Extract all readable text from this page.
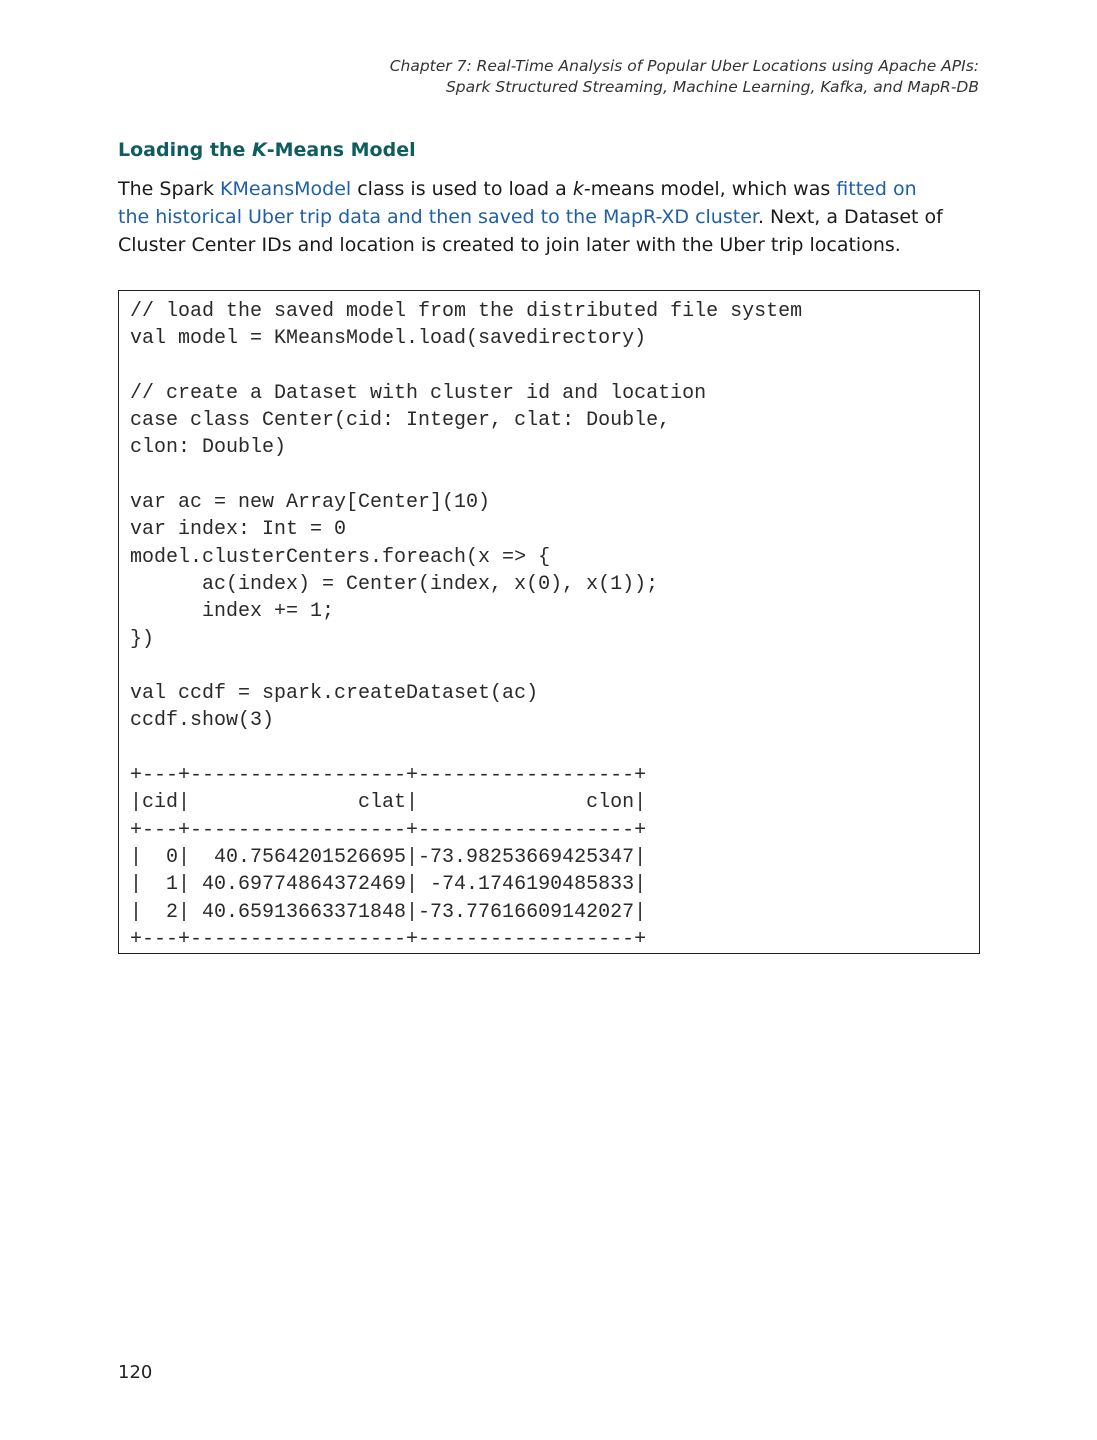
Chapter 7: Real-Time Analysis of Popular Uber Locations using Apache APIs:
Spark Structured Streaming, Machine Learning, Kafka, and MapR-DB
Loading the K-Means Model

The Spark KMeansModel class is used to load a k-means model, which was fitted on
the historical Uber trip data and then saved to the MapR-XD cluster. Next, a Dataset of
Cluster Center IDs and location is created to join later with the Uber trip locations.

// load the saved model from the distributed file system
val model = KMeansModel.load(savedirectory)

// create a Dataset with cluster id and location
case class Center(cid: Integer, clat: Double,
clon: Double)

var ac = new Array[Center](10)
var index: Int = 0
model.clusterCenters.foreach(x => {
ac(index) = Center(index, x(0), x(1));
index += 1;
})

val ccdf = spark.createDataset(ac)
ccdf.show(3)

+---+------------------+------------------+
|cid|              clat|              clon|
+---+------------------+------------------+
|  0|  40.7564201526695|-73.98253669425347|
|  1| 40.69774864372469| -74.1746190485833|
|  2| 40.65913663371848|-73.77616609142027|
+---+------------------+------------------+
120
